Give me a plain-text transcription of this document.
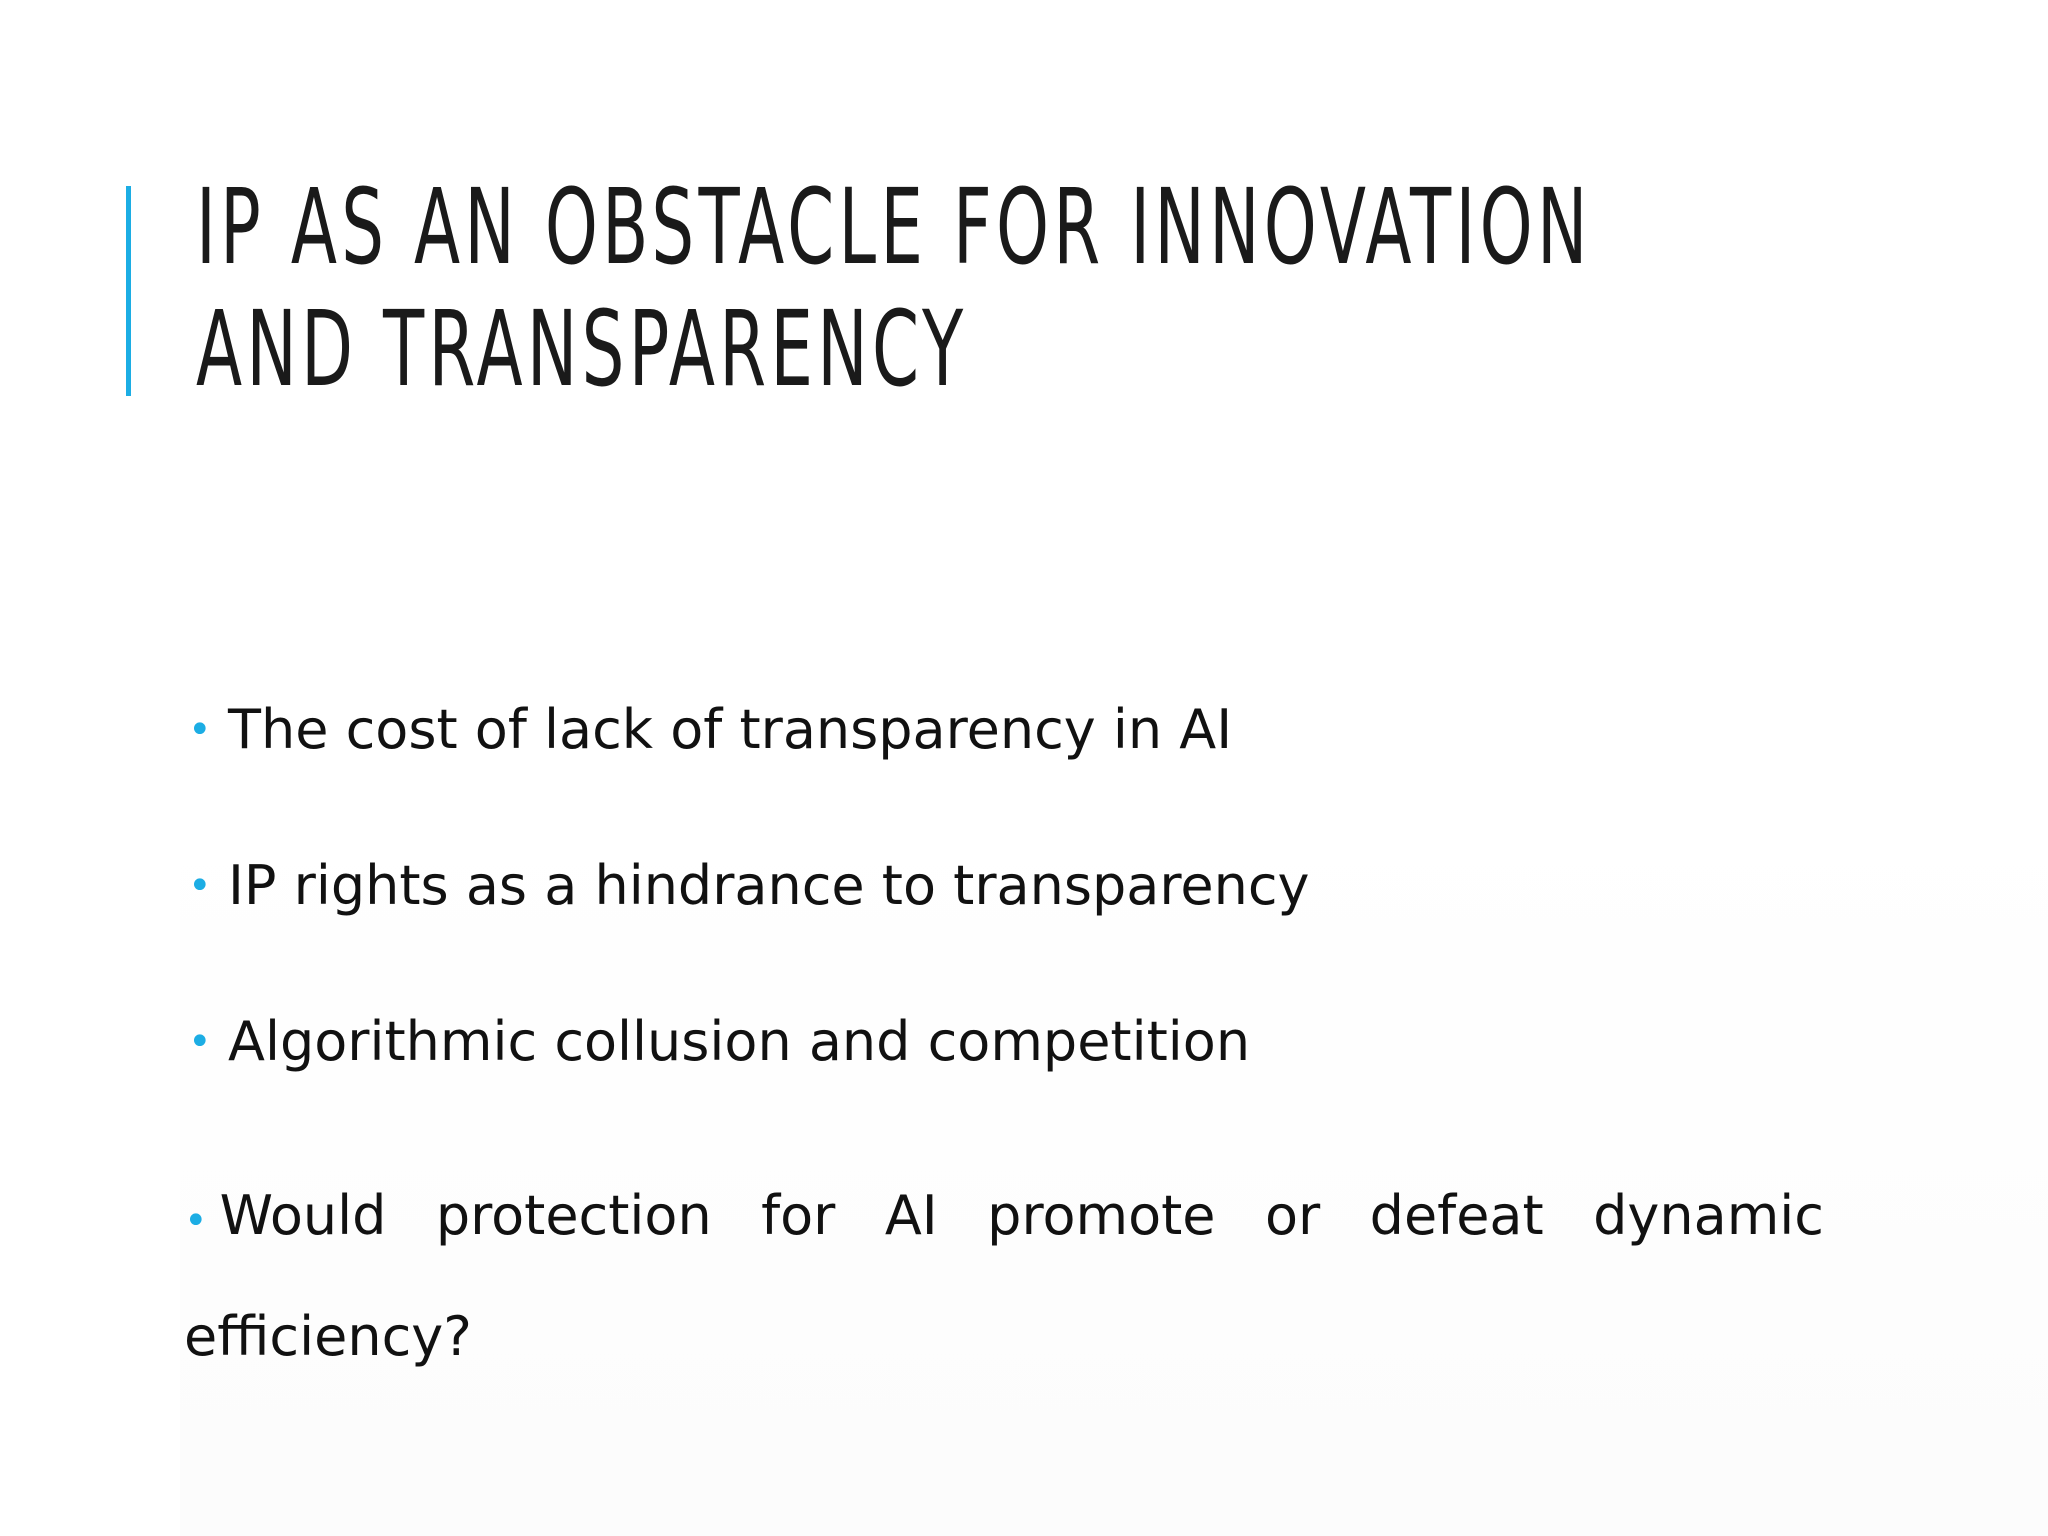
IP AS AN OBSTACLE FOR INNOVATION
AND TRANSPARENCY
• The cost of lack of transparency in AI
• IP rights as a hindrance to transparency
• Algorithmic collusion and competition
• Would protection for AI promote or defeat dynamic efficiency?
